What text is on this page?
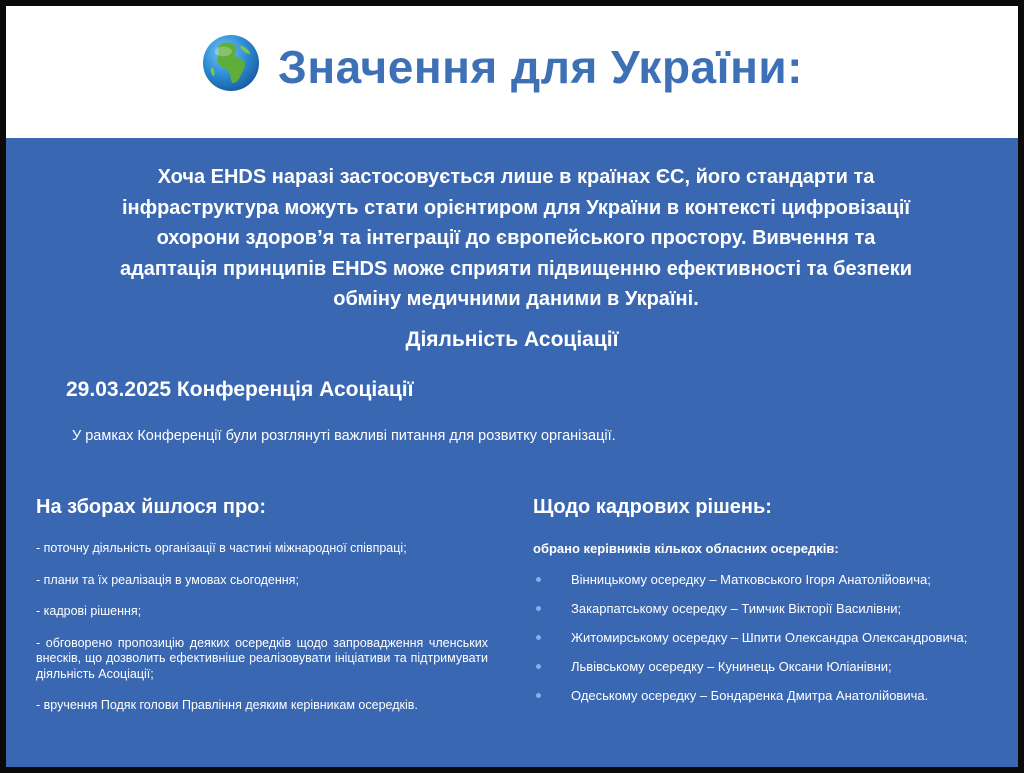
Значення для України:
Хоча EHDS наразі застосовується лише в країнах ЄС, його стандарти та інфраструктура можуть стати орієнтиром для України в контексті цифровізації охорони здоров’я та інтеграції до європейського простору. Вивчення та адаптація принципів EHDS може сприяти підвищенню ефективності та безпеки обміну медичними даними в Україні.
Діяльність Асоціації
29.03.2025 Конференція Асоціації
У рамках Конференції були розглянуті важливі питання для розвитку організації.
На зборах йшлося про:
- поточну діяльність організації в частині міжнародної співпраці;
- плани та їх реалізація в умовах сьогодення;
- кадрові рішення;
- обговорено пропозицію деяких осередків щодо запровадження членських внесків, що дозволить ефективніше реалізовувати ініціативи та підтримувати діяльність Асоціації;
- вручення Подяк голови Правління деяким керівникам осередків.
Щодо кадрових рішень:
обрано керівників кількох обласних осередків:
Вінницькому осередку – Матковського Ігоря Анатолійовича;
Закарпатському осередку – Тимчик Вікторії Василівни;
Житомирському осередку – Шпити Олександра Олександровича;
Львівському осередку – Кунинець Оксани Юліанівни;
Одеському осередку – Бондаренка Дмитра Анатолійовича.
